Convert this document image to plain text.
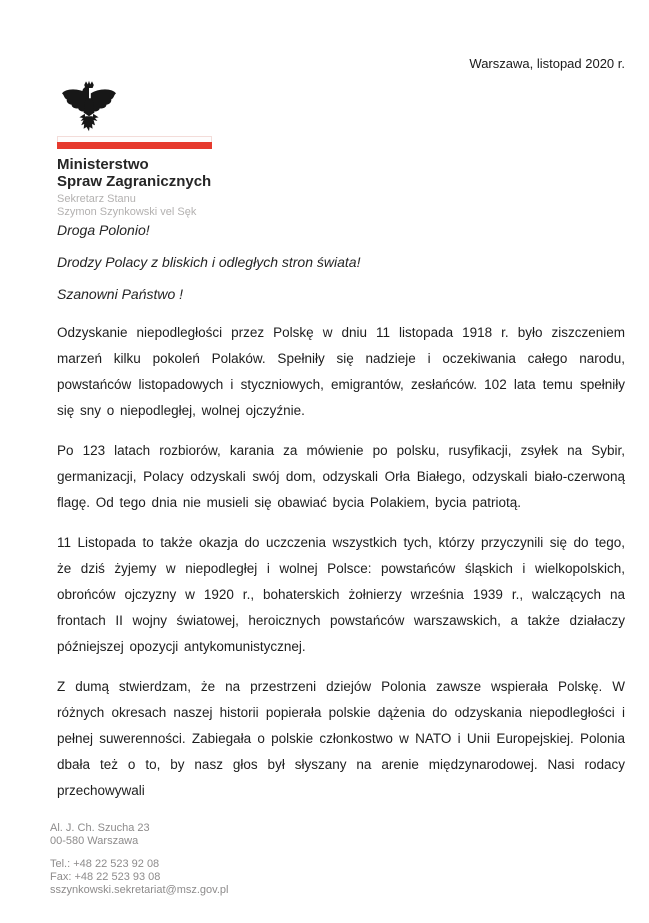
Warszawa, listopad 2020 r.
Ministerstwo
Spraw Zagranicznych
Sekretarz Stanu
Szymon Szynkowski vel Sęk

Droga Polonio!

Drodzy Polacy z bliskich i odległych stron świata!

Szanowni Państwo !

Odzyskanie niepodległości przez Polskę w dniu 11 listopada 1918 r. było ziszczeniem marzeń kilku pokoleń Polaków. Spełniły się nadzieje i oczekiwania całego narodu, powstańców listopadowych i styczniowych, emigrantów, zesłańców. 102 lata temu spełniły się sny o niepodległej, wolnej ojczyźnie.

Po 123 latach rozbiorów, karania za mówienie po polsku, rusyfikacji, zsyłek na Sybir, germanizacji, Polacy odzyskali swój dom, odzyskali Orła Białego, odzyskali biało-czerwoną flagę. Od tego dnia nie musieli się obawiać bycia Polakiem, bycia patriotą.

11 Listopada to także okazja do uczczenia wszystkich tych, którzy przyczynili się do tego, że dziś żyjemy w niepodległej i wolnej Polsce: powstańców śląskich i wielkopolskich, obrońców ojczyzny w 1920 r., bohaterskich żołnierzy września 1939 r., walczących na frontach II wojny światowej, heroicznych powstańców warszawskich, a także działaczy późniejszej opozycji antykomunistycznej.

Z dumą stwierdzam, że na przestrzeni dziejów Polonia zawsze wspierała Polskę. W różnych okresach naszej historii popierała polskie dążenia do odzyskania niepodległości i pełnej suwerenności. Zabiegała o polskie członkostwo w NATO i Unii Europejskiej. Polonia dbała też o to, by nasz głos był słyszany na arenie międzynarodowej. Nasi rodacy przechowywali

Al. J. Ch. Szucha 23
00-580 Warszawa
Tel.: +48 22 523 92 08
Fax: +48 22 523 93 08
sszynkowski.sekretariat@msz.gov.pl
